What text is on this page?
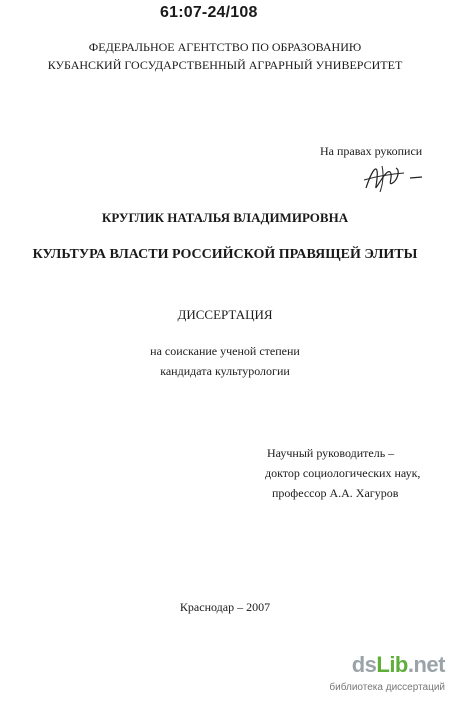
61:07-24/108
ФЕДЕРАЛЬНОЕ АГЕНТСТВО ПО ОБРАЗОВАНИЮ
КУБАНСКИЙ ГОСУДАРСТВЕННЫЙ АГРАРНЫЙ УНИВЕРСИТЕТ
На правах рукописи
КРУГЛИК НАТАЛЬЯ ВЛАДИМИРОВНА
КУЛЬТУРА ВЛАСТИ РОССИЙСКОЙ ПРАВЯЩЕЙ ЭЛИТЫ
ДИССЕРТАЦИЯ
на соискание ученой степени
кандидата культурологии
Научный руководитель –
доктор социологических наук,
профессор А.А. Хагуров
Краснодар – 2007
dsLib.net
библиотека диссертаций
